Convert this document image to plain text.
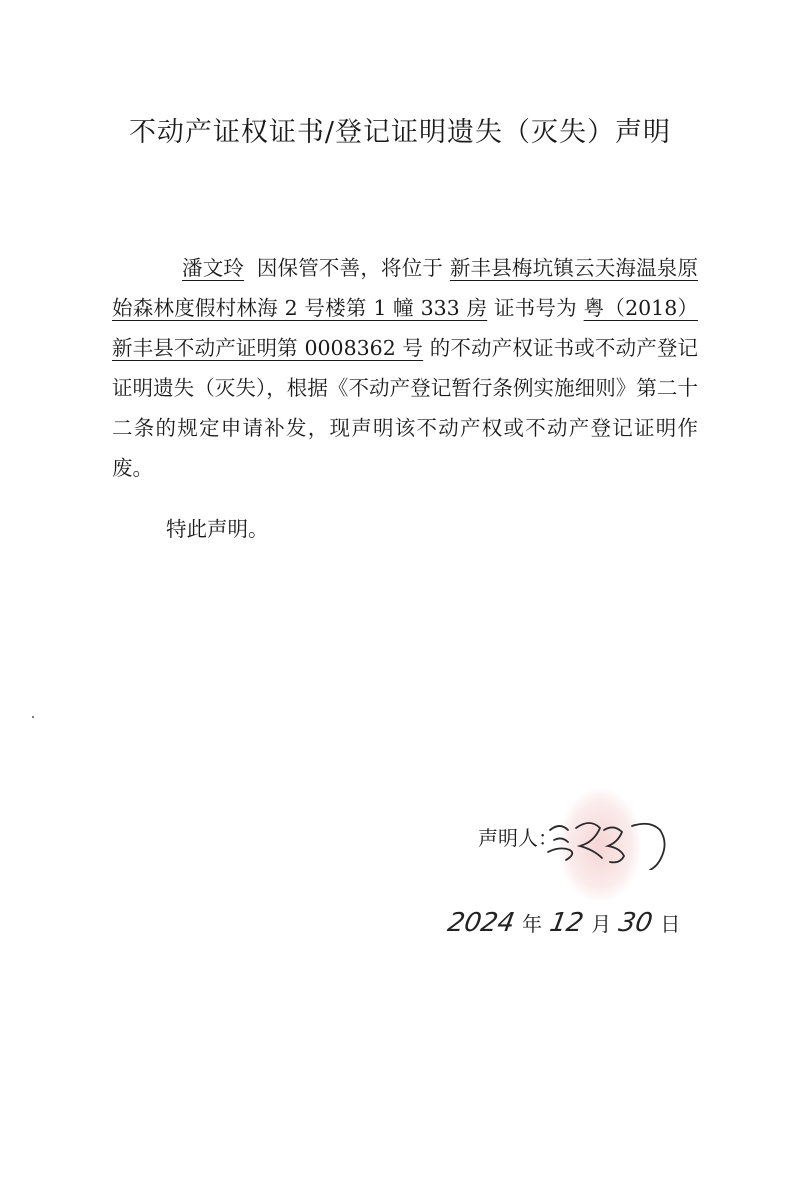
不动产证权证书/登记证明遗失（灭失）声明
潘文玲 因保管不善，将位于 新丰县梅坑镇云天海温泉原始森林度假村林海 2 号楼第 1 幢 333 房 证书号为 粤（2018）新丰县不动产证明第 0008362 号 的不动产权证书或不动产登记证明遗失（灭失），根据《不动产登记暂行条例实施细则》第二十二条的规定申请补发，现声明该不动产权或不动产登记证明作废。
特此声明。
声明人：
2024 年 12 月 30 日
